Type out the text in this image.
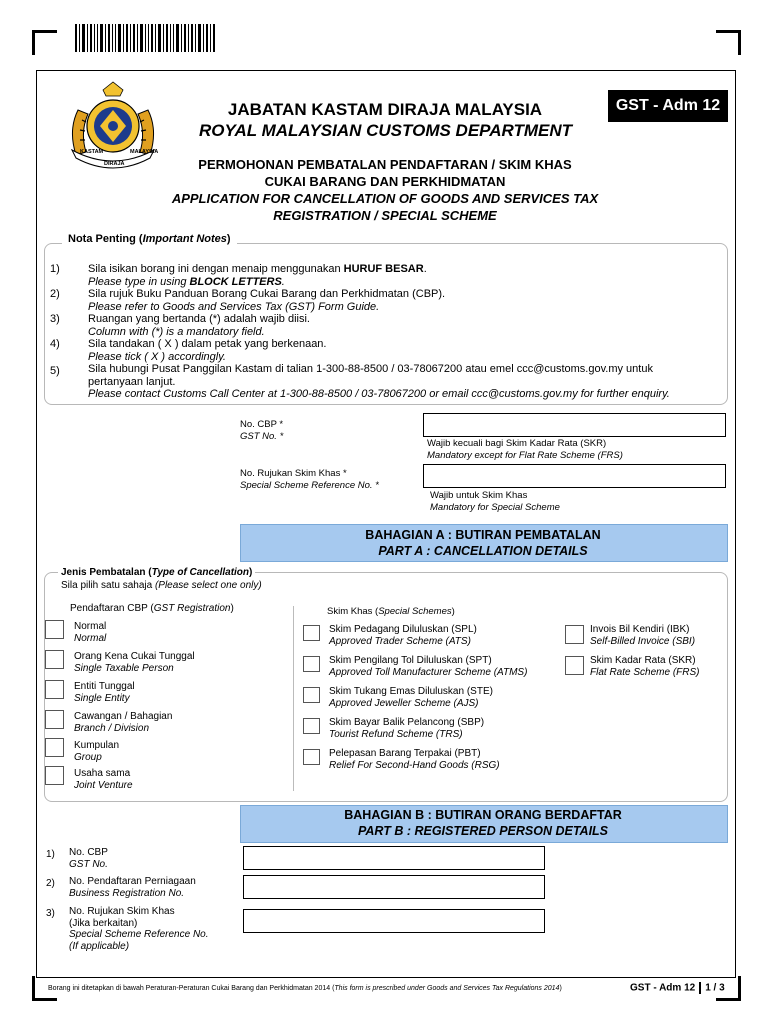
KASTAM	MALAYSIA
DIRAJA
JABATAN KASTAM DIRAJA MALAYSIA
ROYAL MALAYSIAN CUSTOMS DEPARTMENT
GST - Adm 12
PERMOHONAN PEMBATALAN PENDAFTARAN / SKIM KHAS
CUKAI BARANG DAN PERKHIDMATAN
APPLICATION FOR CANCELLATION OF GOODS AND SERVICES TAX
REGISTRATION / SPECIAL SCHEME
Nota Penting (Important Notes)
1)	Sila isikan borang ini dengan menaip menggunakan HURUF BESAR.
Please type in using BLOCK LETTERS.
2)	Sila rujuk Buku Panduan Borang Cukai Barang dan Perkhidmatan (CBP).
Please refer to Goods and Services Tax (GST) Form Guide.
3)	Ruangan yang bertanda (*) adalah wajib diisi.
Column with (*) is a mandatory field.
4)	Sila tandakan ( X ) dalam petak yang berkenaan.
Please tick ( X ) accordingly.
5)	Sila hubungi Pusat Panggilan Kastam di talian 1-300-88-8500 / 03-78067200 atau emel ccc@customs.gov.my untuk
pertanyaan lanjut.
Please contact Customs Call Center at 1-300-88-8500 / 03-78067200 or email ccc@customs.gov.my for further enquiry.
No. CBP *
GST No. *
Wajib kecuali bagi Skim Kadar Rata (SKR)
Mandatory except for Flat Rate Scheme (FRS)
No. Rujukan Skim Khas *
Special Scheme Reference No. *
Wajib untuk Skim Khas
Mandatory for Special Scheme
BAHAGIAN A : BUTIRAN PEMBATALAN
PART A : CANCELLATION DETAILS
Jenis Pembatalan (Type of Cancellation)
Sila pilih satu sahaja (Please select one only)
Pendaftaran CBP (GST Registration)	Skim Khas (Special Schemes)
Normal
Normal
Orang Kena Cukai Tunggal
Single Taxable Person
Entiti Tunggal
Single Entity
Cawangan / Bahagian
Branch / Division
Kumpulan
Group
Usaha sama
Joint Venture
Skim Pedagang Diluluskan (SPL)
Approved Trader Scheme (ATS)
Skim Pengilang Tol Diluluskan (SPT)
Approved Toll Manufacturer Scheme (ATMS)
Skim Tukang Emas Diluluskan (STE)
Approved Jeweller Scheme (AJS)
Skim Bayar Balik Pelancong (SBP)
Tourist Refund Scheme (TRS)
Pelepasan Barang Terpakai (PBT)
Relief For Second-Hand Goods (RSG)
Invois Bil Kendiri (IBK)
Self-Billed Invoice (SBI)
Skim Kadar Rata (SKR)
Flat Rate Scheme (FRS)
BAHAGIAN B : BUTIRAN ORANG BERDAFTAR
PART B : REGISTERED PERSON DETAILS
1) No. CBP
GST No.
2) No. Pendaftaran Perniagaan
Business Registration No.
3) No. Rujukan Skim Khas
(Jika berkaitan)
Special Scheme Reference No.
(If applicable)
Borang ini ditetapkan di bawah Peraturan-Peraturan Cukai Barang dan Perkhidmatan 2014 (This form is prescribed under Goods and Services Tax Regulations 2014)	GST - Adm 12 1 / 3
